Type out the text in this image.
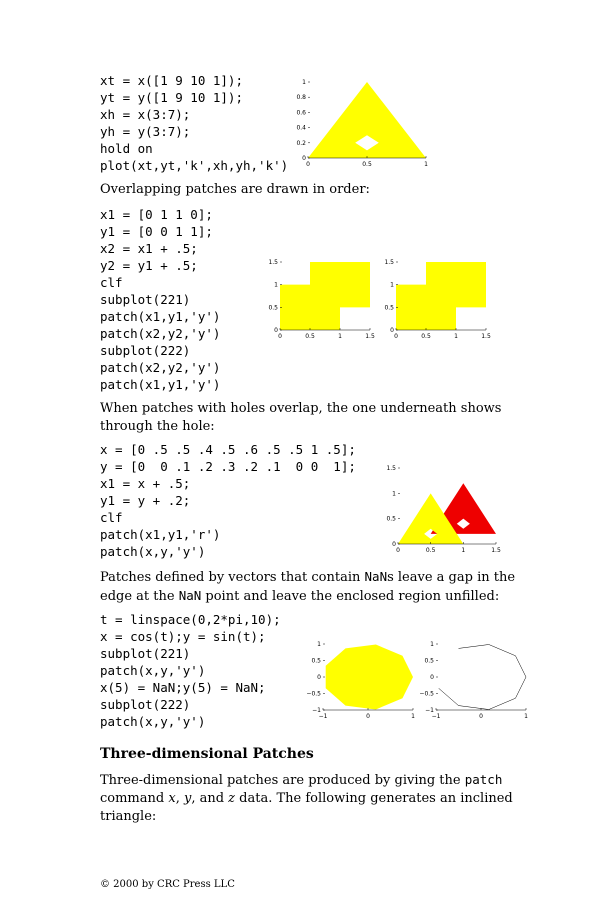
xt = x([1 9 10 1]);
yt = y([1 9 10 1]);
xh = x(3:7);
yh = y(3:7);
hold on
plot(xt,yt,'k',xh,yh,'k')	0	0.5	1
0
0.2
0.4
0.6
0.8
1

Overlapping patches are drawn in order:

x1 = [0 1 1 0];
y1 = [0 0 1 1];
x2 = x1 + .5;
y2 = y1 + .5;
clf
subplot(221)
patch(x1,y1,'y')
patch(x2,y2,'y')
subplot(222)
patch(x2,y2,'y')
patch(x1,y1,'y')
0	0.5	1	1.5
0
0.5
1
1.5
0	0.5	1	1.5
0
0.5
1
1.5

When patches with holes overlap, the one underneath shows through the hole:

x = [0 .5 .5 .4 .5 .6 .5 .5 1 .5];
y = [0  0 .1 .2 .3 .2 .1  0 0  1];
x1 = x + .5;
y1 = y + .2;
clf
patch(x1,y1,'r')
patch(x,y,'y')	0	0.5	1	1.5
0
0.5
1
1.5

Patches defined by vectors that contain NaNs leave a gap in the edge at the NaN point and leave the enclosed region unfilled:

t = linspace(0,2*pi,10);
x = cos(t);y = sin(t);
subplot(221)
patch(x,y,'y')
x(5) = NaN;y(5) = NaN;
subplot(222)
patch(x,y,'y')	−1	0	1
−1
−0.5
0
0.5
1
−1	0	1
−1
−0.5
0
0.5
1

Three-dimensional Patches

Three-dimensional patches are produced by giving the patch command x, y, and z data. The following generates an inclined triangle:

© 2000 by CRC Press LLC
